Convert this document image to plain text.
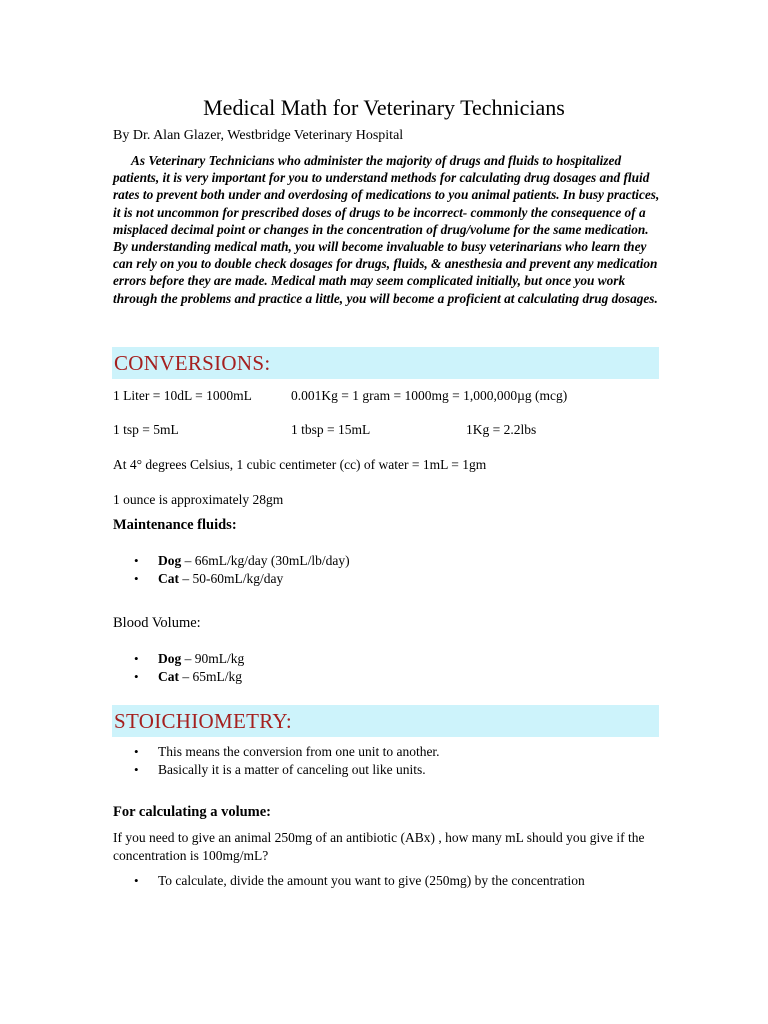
Medical Math for Veterinary Technicians
By Dr. Alan Glazer, Westbridge Veterinary Hospital
As Veterinary Technicians who administer the majority of drugs and fluids to hospitalized patients, it is very important for you to understand methods for calculating drug dosages and fluid rates to prevent both under and overdosing of medications to you animal patients. In busy practices, it is not uncommon for prescribed doses of drugs to be incorrect- commonly the consequence of a misplaced decimal point or changes in the concentration of drug/volume for the same medication. By understanding medical math, you will become invaluable to busy veterinarians who learn they can rely on you to double check dosages for drugs, fluids, & anesthesia and prevent any medication errors before they are made. Medical math may seem complicated initially, but once you work through the problems and practice a little, you will become a proficient at calculating drug dosages.
CONVERSIONS:
1 Liter = 10dL = 1000mL	0.001Kg = 1 gram = 1000mg = 1,000,000µg (mcg)
1 tsp = 5mL	1 tbsp = 15mL	1Kg = 2.2lbs
At 4° degrees Celsius, 1 cubic centimeter (cc) of water = 1mL = 1gm
1 ounce is approximately 28gm
Maintenance fluids:
• Dog – 66mL/kg/day (30mL/lb/day)
• Cat – 50-60mL/kg/day
Blood Volume:
• Dog – 90mL/kg
• Cat – 65mL/kg
STOICHIOMETRY:
• This means the conversion from one unit to another.
• Basically it is a matter of canceling out like units.
For calculating a volume:
If you need to give an animal 250mg of an antibiotic (ABx) , how many mL should you give if the concentration is 100mg/mL?
• To calculate, divide the amount you want to give (250mg) by the concentration
